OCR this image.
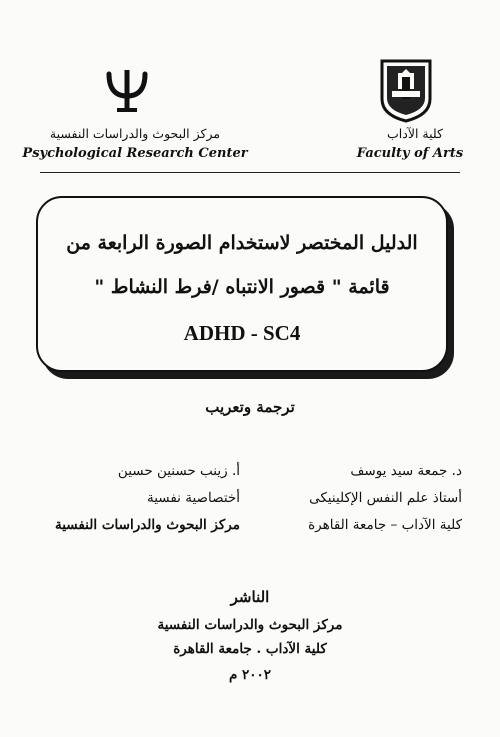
مركز البحوث والدراسات النفسية
Psychological Research Center
كلية الآداب
Faculty of Arts
الدليل المختصر لاستخدام الصورة الرابعة من
قائمة " قصور الانتباه /فرط النشاط "
ADHD - SC4
ترجمة وتعريب
د. جمعة سيد يوسف
أستاذ علم النفس الإكلينيكى
كلية الآداب – جامعة القاهرة
أ. زينب حسنين حسين
أختصاصية نفسية
مركز البحوث والدراسات النفسية
الناشر
مركز البحوث والدراسات النفسية
كلية الآداب . جامعة القاهرة
٢٠٠٢ م
